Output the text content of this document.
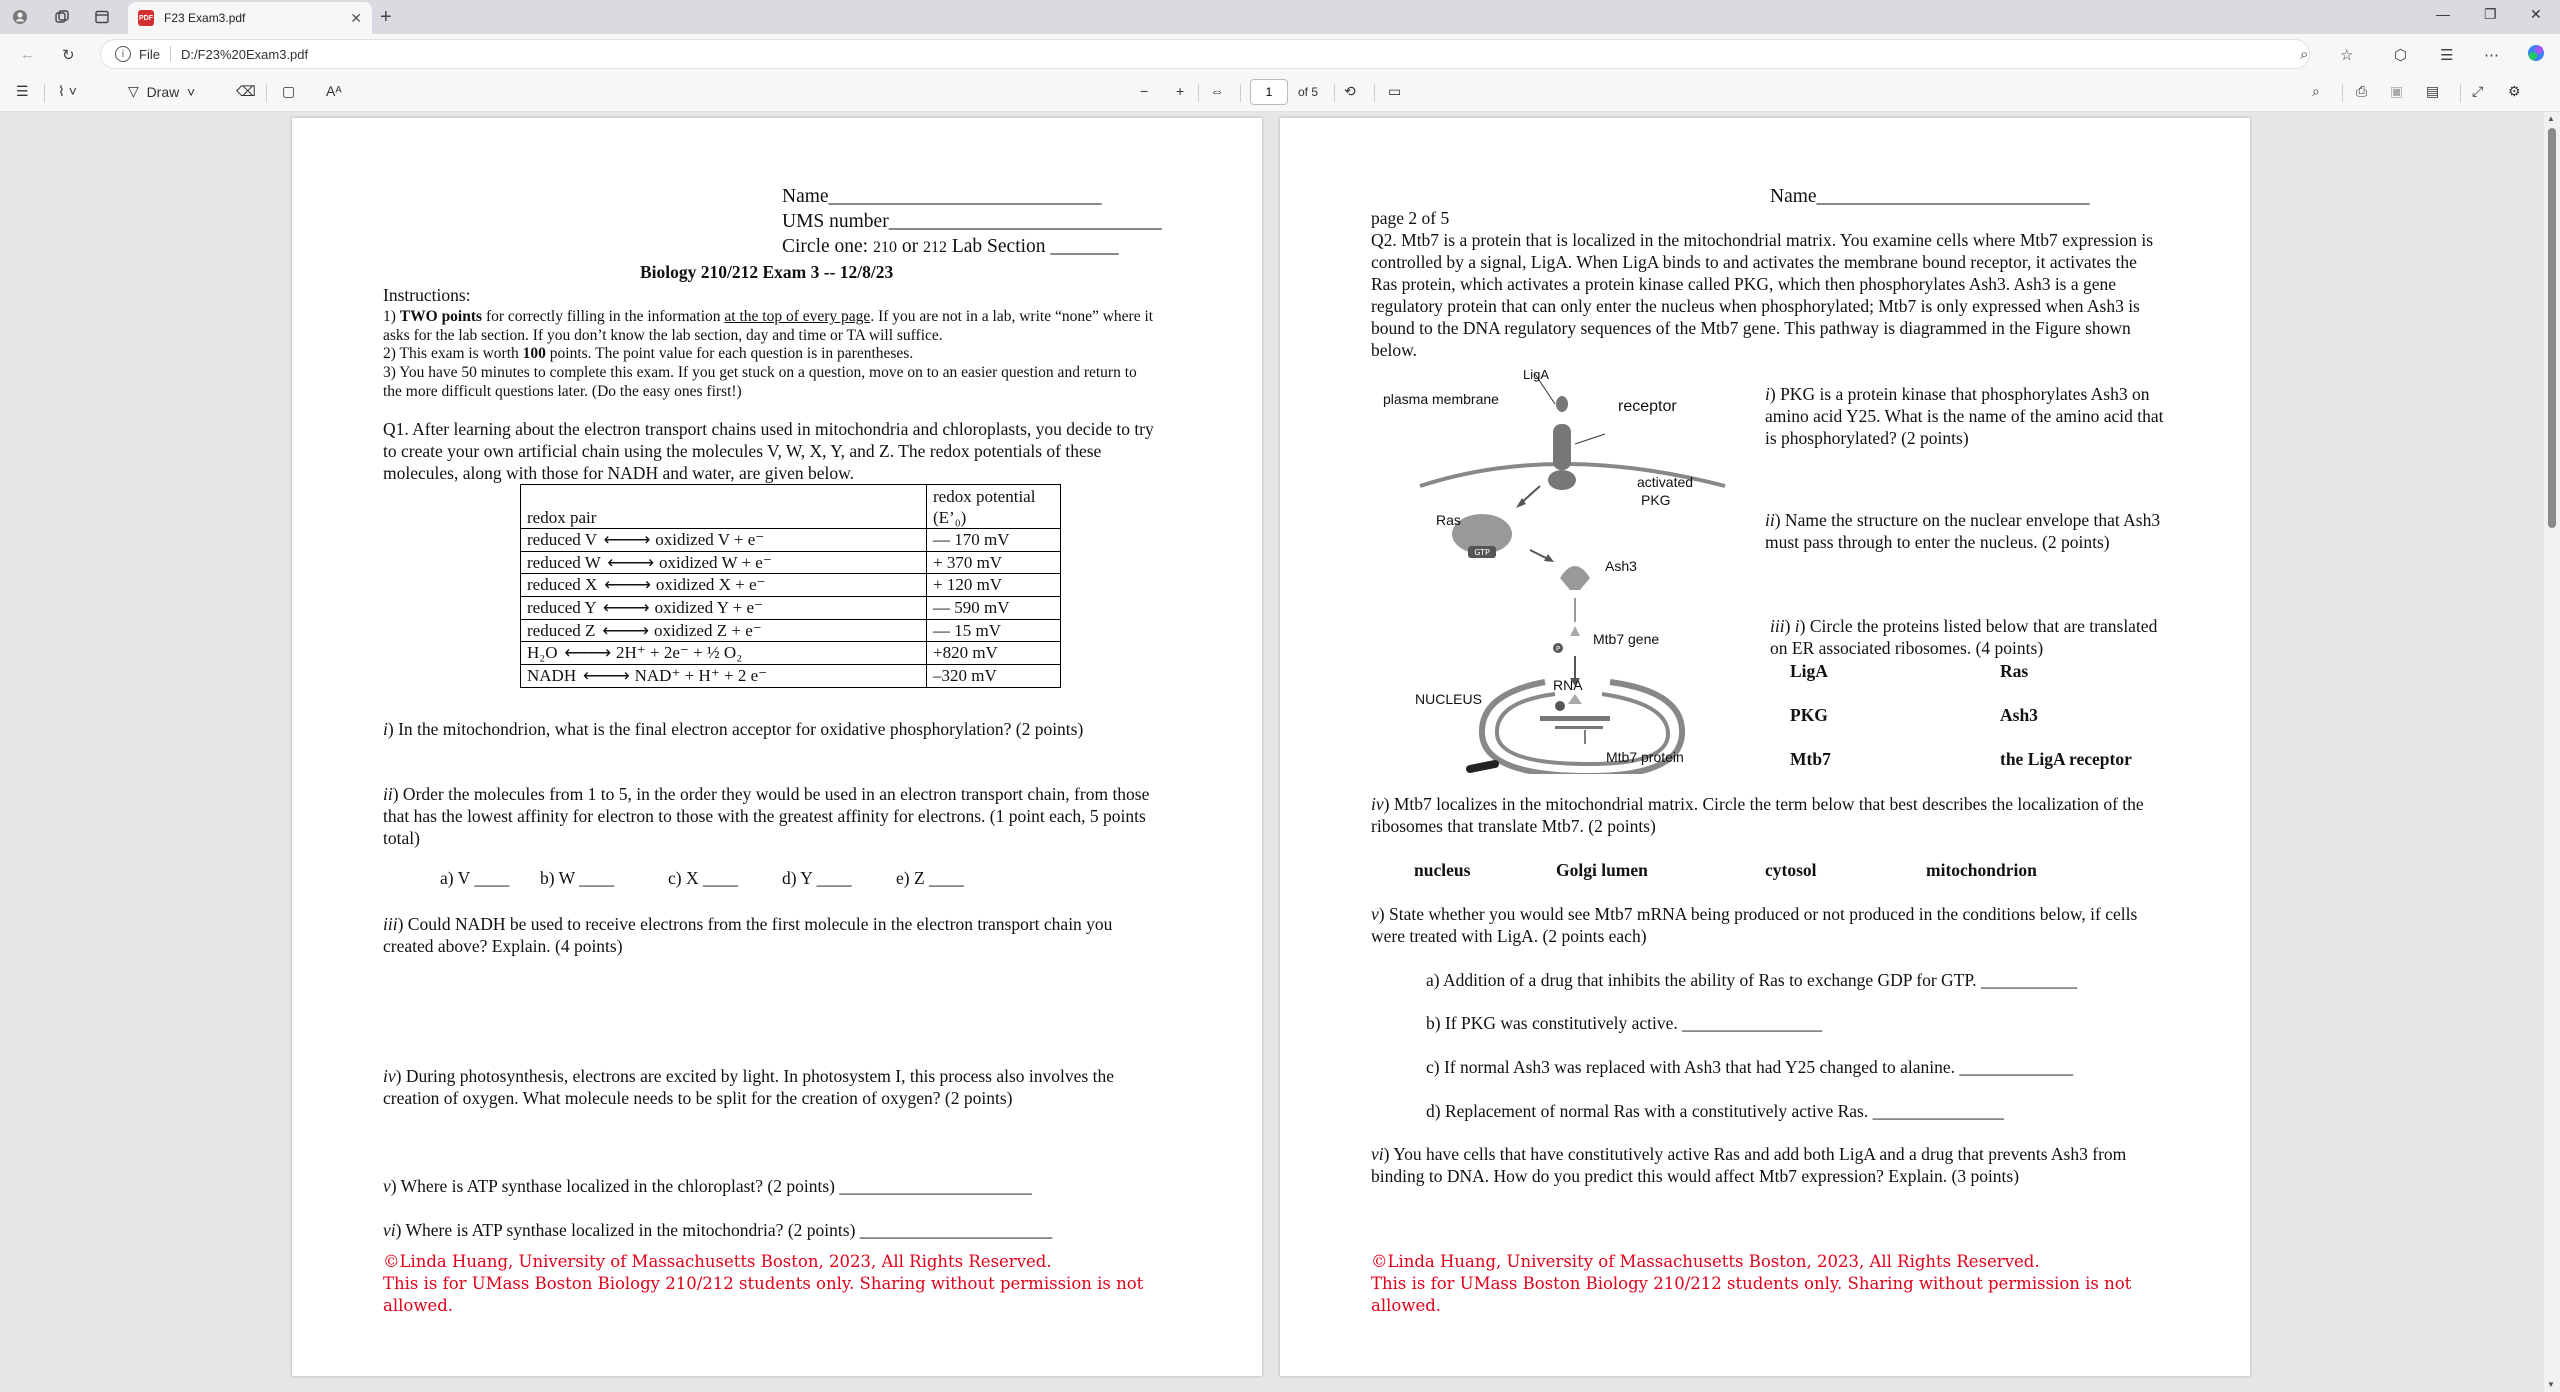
PDF F23 Exam3.pdf	✕ +	— ❐ ✕
← ↻	i	File D:/F23%20Exam3.pdf	⌕ ☆	⬡ ☰ ⋯
☰ ⌇ ˅	▽
Draw ˅	⌫ ▢ Aᴬ	− + ⇔	1	of 5 ⟲ ▭	⌕	⎙ ▣ ▤ ⤢ ⚙
Name____________________________
UMS number____________________________
Circle one: 210 or 212 Lab Section _______
Biology 210/212 Exam 3 -- 12/8/23
Instructions:
1) TWO points for correctly filling in the information at the top of every page. If you are not in a lab, write “none” where it asks for the lab section. If you don’t know the lab section, day and time or TA will suffice.
2) This exam is worth 100 points. The point value for each question is in parentheses.
3) You have 50 minutes to complete this exam. If you get stuck on a question, move on to an easier question and return to the more difficult questions later. (Do the easy ones first!)
Q1. After learning about the electron transport chains used in mitochondria and chloroplasts, you decide to try to create your own artificial chain using the molecules V, W, X, Y, and Z. The redox potentials of these molecules, along with those for NADH and water, are given below.
redox pair	redox potential
(E’₀)
reduced V ⟵⟶ oxidized V + e⁻	— 170 mV
reduced W ⟵⟶ oxidized W + e⁻	+ 370 mV
reduced X ⟵⟶ oxidized X + e⁻	+ 120 mV
reduced Y ⟵⟶ oxidized Y + e⁻	— 590 mV
reduced Z ⟵⟶ oxidized Z + e⁻	— 15 mV
H₂O ⟵⟶ 2H⁺ + 2e⁻ + ½ O₂	+820 mV
NADH ⟵⟶ NAD⁺ + H⁺ + 2 e⁻	–320 mV
i) In the mitochondrion, what is the final electron acceptor for oxidative phosphorylation? (2 points)
ii) Order the molecules from 1 to 5, in the order they would be used in an electron transport chain, from those that has the lowest affinity for electron to those with the greatest affinity for electrons. (1 point each, 5 points total)
a) V ____ b) W ____	c) X ____	d) Y ____	e) Z ____
iii) Could NADH be used to receive electrons from the first molecule in the electron transport chain you created above? Explain. (4 points)
iv) During photosynthesis, electrons are excited by light. In photosystem I, this process also involves the creation of oxygen. What molecule needs to be split for the creation of oxygen? (2 points)
v) Where is ATP synthase localized in the chloroplast? (2 points) ______________________
vi) Where is ATP synthase localized in the mitochondria? (2 points) ______________________
©Linda Huang, University of Massachusetts Boston, 2023, All Rights Reserved.
This is for UMass Boston Biology 210/212 students only. Sharing without permission is not allowed.
Name____________________________
page 2 of 5
Q2. Mtb7 is a protein that is localized in the mitochondrial matrix. You examine cells where Mtb7 expression is controlled by a signal, LigA. When LigA binds to and activates the membrane bound receptor, it activates the Ras protein, which activates a protein kinase called PKG, which then phosphorylates Ash3. Ash3 is a gene regulatory protein that can only enter the nucleus when phosphorylated; Mtb7 is only expressed when Ash3 is bound to the DNA regulatory sequences of the Mtb7 gene. This pathway is diagrammed in the Figure shown below.
GTP
P
LigA
plasma membrane	receptor
activated
PKG
Ras
Ash3
Mtb7 gene
RNA
NUCLEUS
Mtb7 protein
i) PKG is a protein kinase that phosphorylates Ash3 on amino acid Y25. What is the name of the amino acid that is phosphorylated? (2 points)
ii) Name the structure on the nuclear envelope that Ash3 must pass through to enter the nucleus. (2 points)
iii) i) Circle the proteins listed below that are translated on ER associated ribosomes. (4 points)
LigA	Ras
PKG	Ash3
Mtb7	the LigA receptor
iv) Mtb7 localizes in the mitochondrial matrix. Circle the term below that best describes the localization of the ribosomes that translate Mtb7. (2 points)
nucleus	Golgi lumen	cytosol	mitochondrion
v) State whether you would see Mtb7 mRNA being produced or not produced in the conditions below, if cells were treated with LigA. (2 points each)
a) Addition of a drug that inhibits the ability of Ras to exchange GDP for GTP. ___________
b) If PKG was constitutively active. ________________
c) If normal Ash3 was replaced with Ash3 that had Y25 changed to alanine. _____________
d) Replacement of normal Ras with a constitutively active Ras. _______________
vi) You have cells that have constitutively active Ras and add both LigA and a drug that prevents Ash3 from binding to DNA. How do you predict this would affect Mtb7 expression? Explain. (3 points)
©Linda Huang, University of Massachusetts Boston, 2023, All Rights Reserved.
This is for UMass Boston Biology 210/212 students only. Sharing without permission is not allowed.
▲
▼
